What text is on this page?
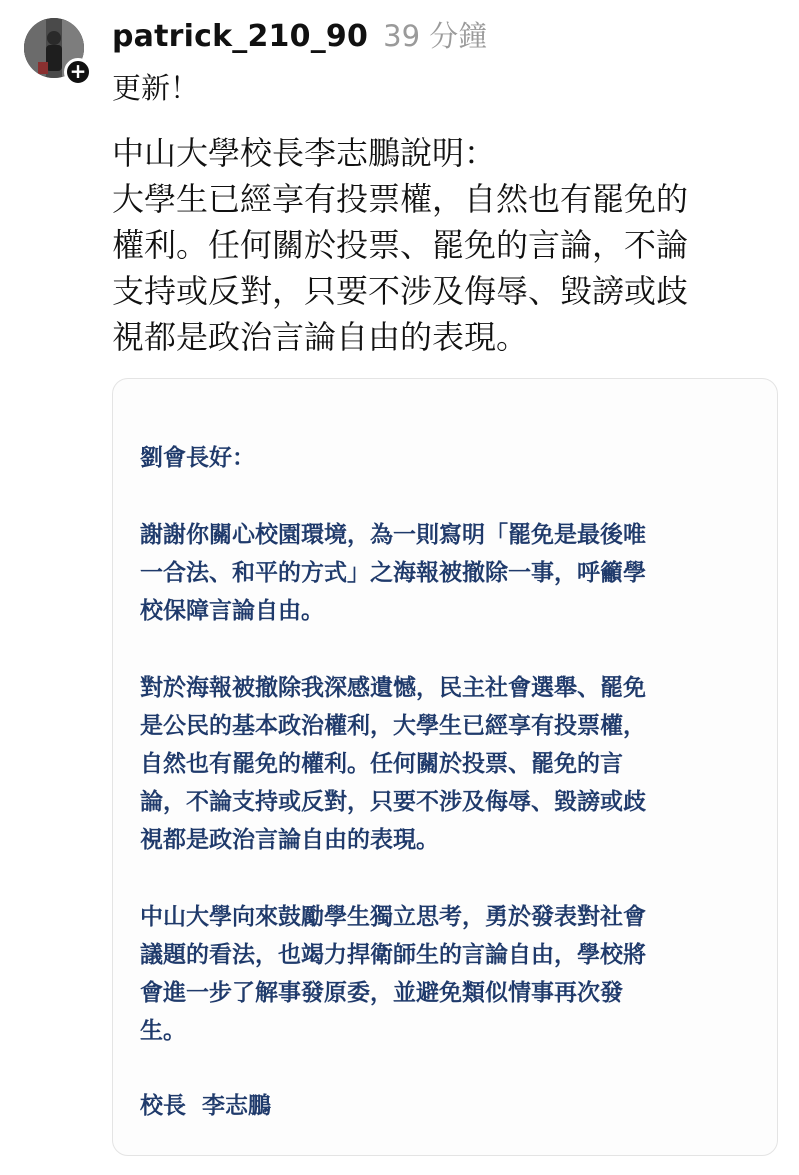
+
patrick_210_90 39 分鐘
更新！
中山大學校長李志鵬說明：
大學生已經享有投票權，自然也有罷免的
權利。任何關於投票、罷免的言論，不論
支持或反對，只要不涉及侮辱、毀謗或歧
視都是政治言論自由的表現。
劉會長好：
謝謝你關心校園環境，為一則寫明「罷免是最後唯
一合法、和平的方式」之海報被撤除一事，呼籲學
校保障言論自由。
對於海報被撤除我深感遺憾，民主社會選舉、罷免
是公民的基本政治權利，大學生已經享有投票權，
自然也有罷免的權利。任何關於投票、罷免的言
論，不論支持或反對，只要不涉及侮辱、毀謗或歧
視都是政治言論自由的表現。
中山大學向來鼓勵學生獨立思考，勇於發表對社會
議題的看法，也竭力捍衛師生的言論自由，學校將
會進一步了解事發原委，並避免類似情事再次發
生。
校長  李志鵬
